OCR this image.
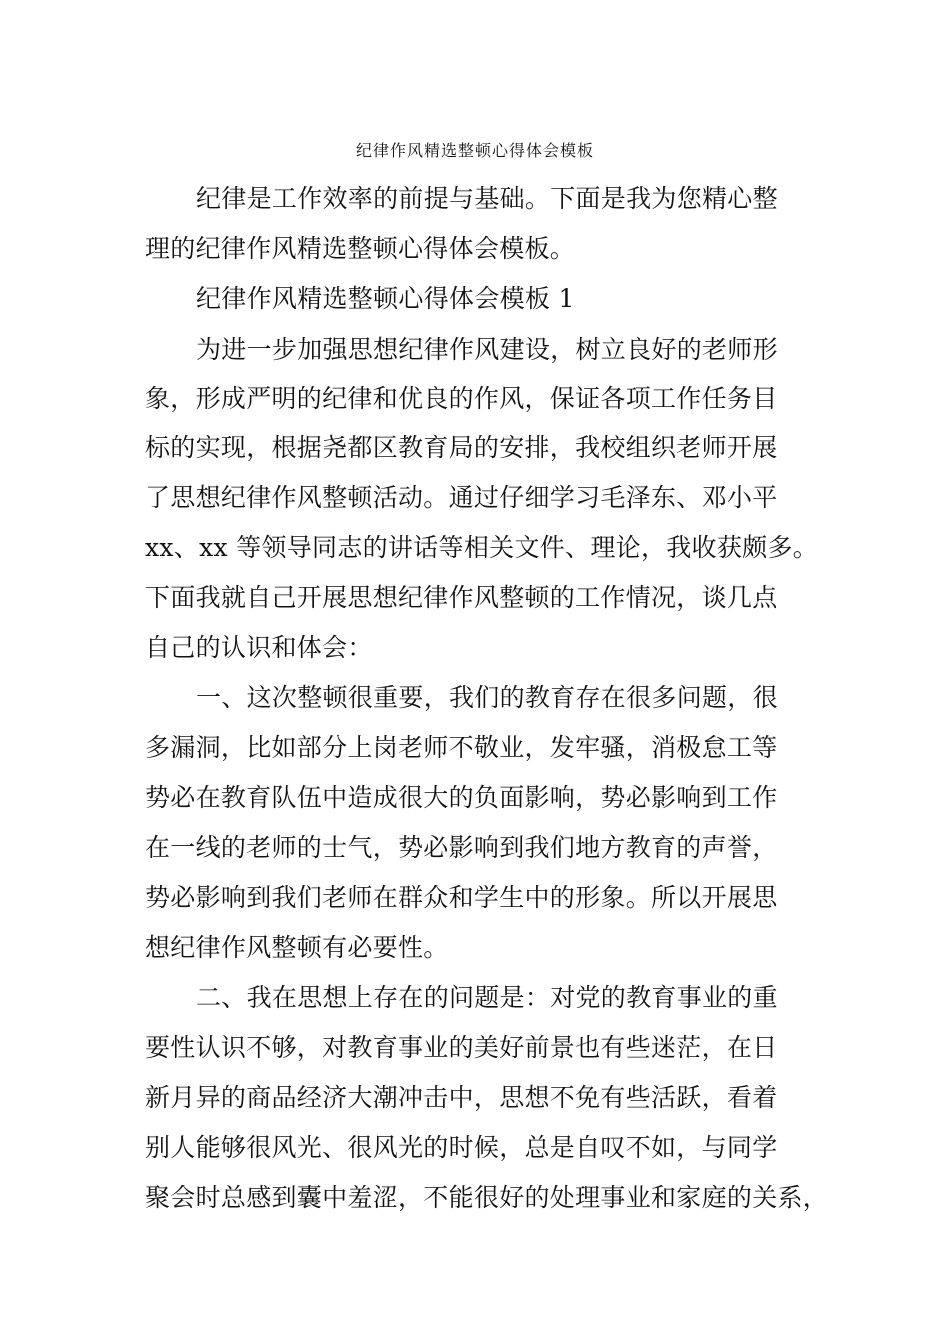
纪律作风精选整顿心得体会模板
纪律是工作效率的前提与基础。下面是我为您精心整
理的纪律作风精选整顿心得体会模板。
纪律作风精选整顿心得体会模板 1
为进一步加强思想纪律作风建设，树立良好的老师形
象，形成严明的纪律和优良的作风，保证各项工作任务目
标的实现，根据尧都区教育局的安排，我校组织老师开展
了思想纪律作风整顿活动。通过仔细学习毛泽东、邓小平
xx、xx 等领导同志的讲话等相关文件、理论，我收获颇多。
下面我就自己开展思想纪律作风整顿的工作情况，谈几点
自己的认识和体会：
一、这次整顿很重要，我们的教育存在很多问题，很
多漏洞，比如部分上岗老师不敬业，发牢骚，消极怠工等
势必在教育队伍中造成很大的负面影响，势必影响到工作
在一线的老师的士气，势必影响到我们地方教育的声誉，
势必影响到我们老师在群众和学生中的形象。所以开展思
想纪律作风整顿有必要性。
二、我在思想上存在的问题是：对党的教育事业的重
要性认识不够，对教育事业的美好前景也有些迷茫，在日
新月异的商品经济大潮冲击中，思想不免有些活跃，看着
别人能够很风光、很风光的时候，总是自叹不如，与同学
聚会时总感到囊中羞涩，不能很好的处理事业和家庭的关系，
